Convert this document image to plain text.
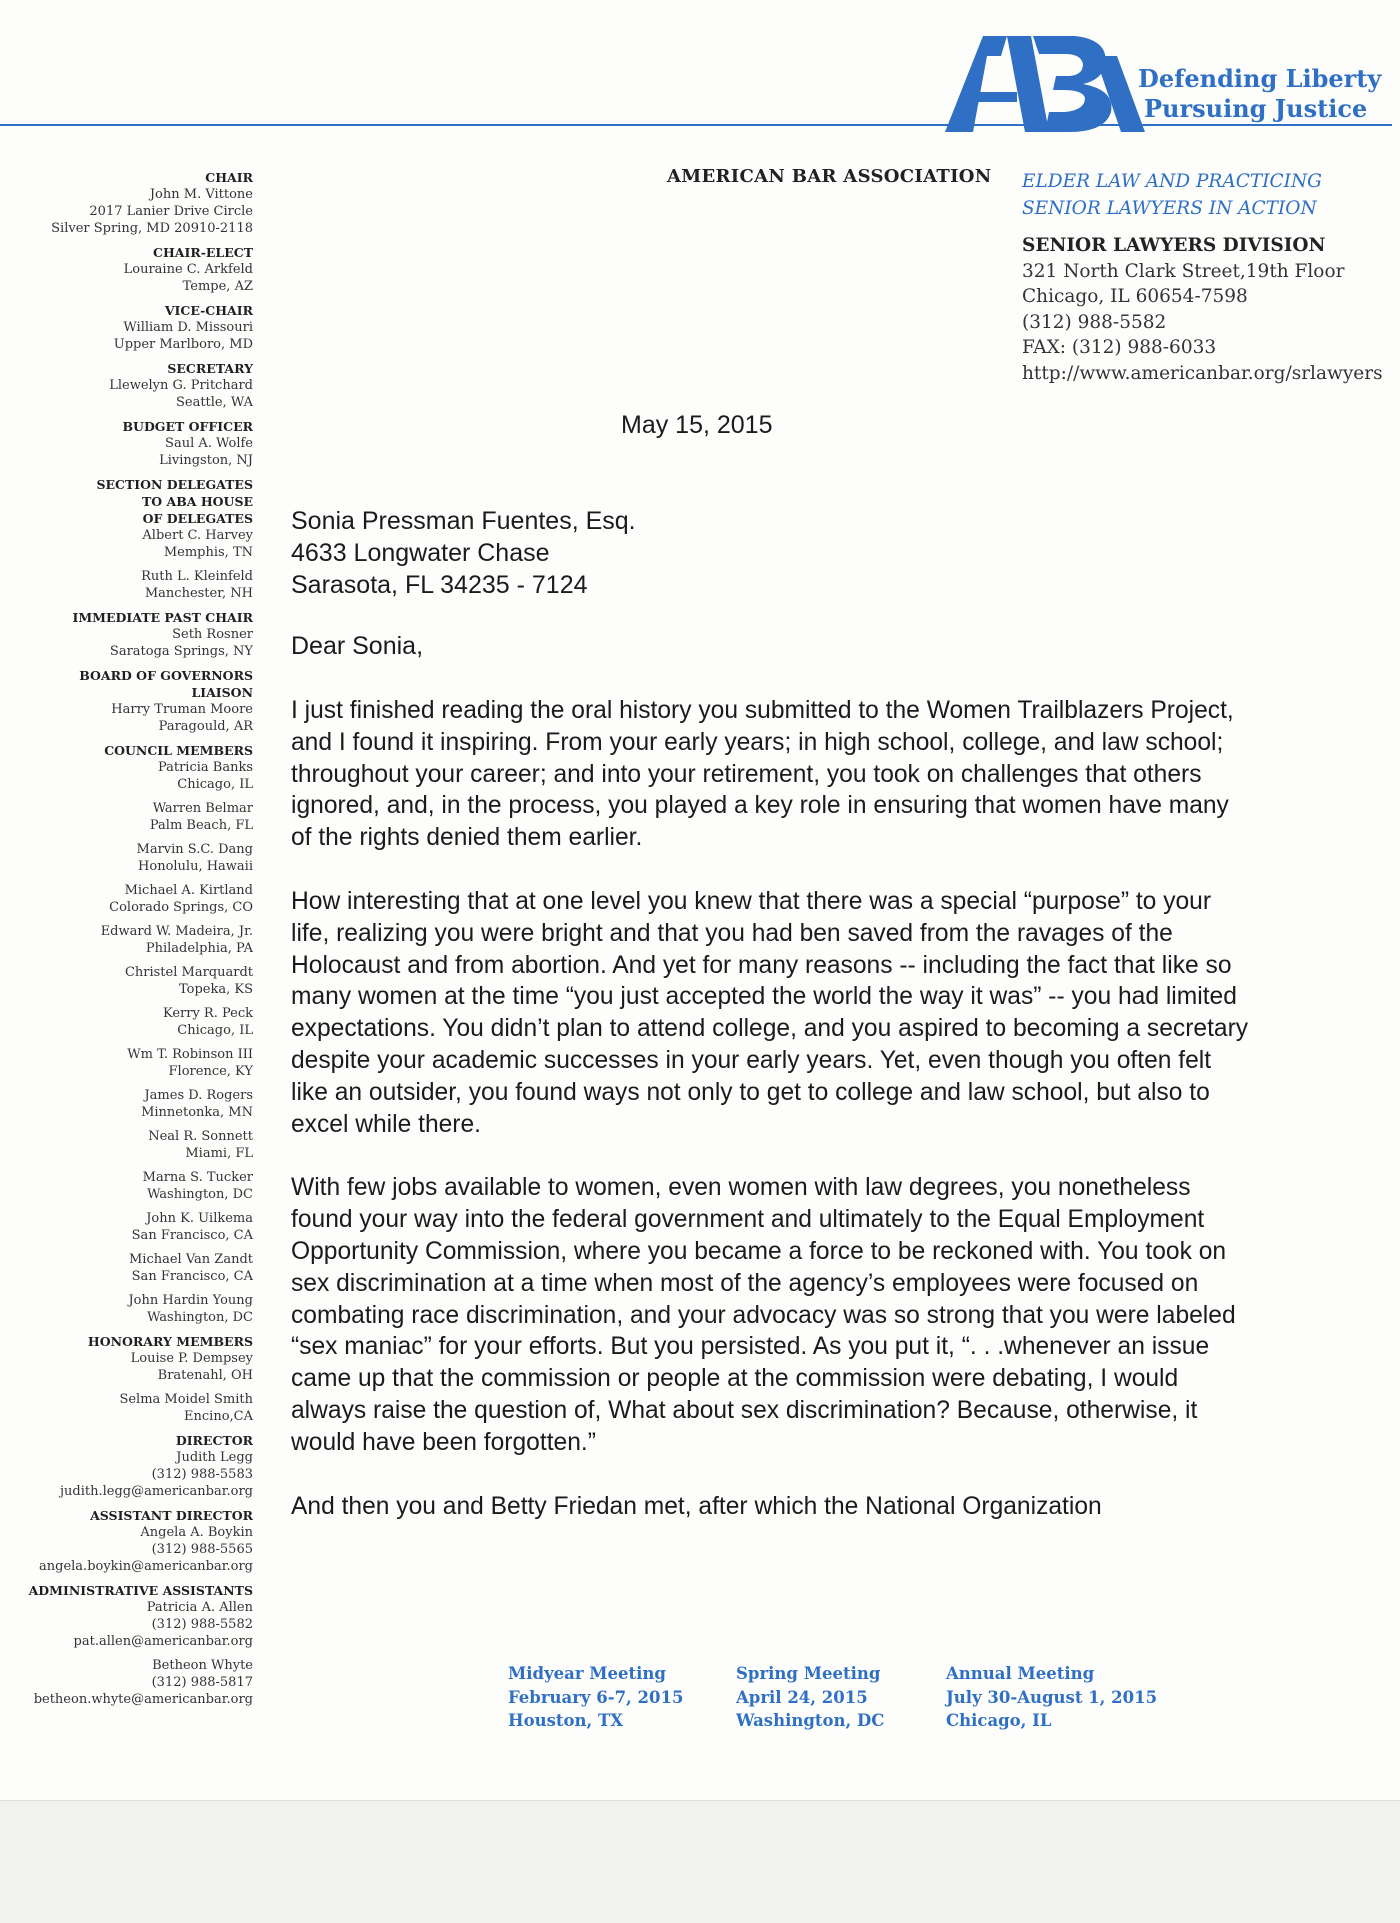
Defending Liberty
Pursuing Justice
CHAIR
John M. Vittone
2017 Lanier Drive Circle
Silver Spring, MD 20910-2118
CHAIR-ELECT
Louraine C. Arkfeld
Tempe, AZ
VICE-CHAIR
William D. Missouri
Upper Marlboro, MD
SECRETARY
Llewelyn G. Pritchard
Seattle, WA
BUDGET OFFICER
Saul A. Wolfe
Livingston, NJ
SECTION DELEGATES
TO ABA HOUSE
OF DELEGATES
Albert C. Harvey
Memphis, TN
Ruth L. Kleinfeld
Manchester, NH
IMMEDIATE PAST CHAIR
Seth Rosner
Saratoga Springs, NY
BOARD OF GOVERNORS
LIAISON
Harry Truman Moore
Paragould, AR
COUNCIL MEMBERS
Patricia Banks
Chicago, IL
Warren Belmar
Palm Beach, FL
Marvin S.C. Dang
Honolulu, Hawaii
Michael A. Kirtland
Colorado Springs, CO
Edward W. Madeira, Jr.
Philadelphia, PA
Christel Marquardt
Topeka, KS
Kerry R. Peck
Chicago, IL
Wm T. Robinson III
Florence, KY
James D. Rogers
Minnetonka, MN
Neal R. Sonnett
Miami, FL
Marna S. Tucker
Washington, DC
John K. Uilkema
San Francisco, CA
Michael Van Zandt
San Francisco, CA
John Hardin Young
Washington, DC
HONORARY MEMBERS
Louise P. Dempsey
Bratenahl, OH
Selma Moidel Smith
Encino,CA
DIRECTOR
Judith Legg
(312) 988-5583
judith.legg@americanbar.org
ASSISTANT DIRECTOR
Angela A. Boykin
(312) 988-5565
angela.boykin@americanbar.org
ADMINISTRATIVE ASSISTANTS
Patricia A. Allen
(312) 988-5582
pat.allen@americanbar.org
Betheon Whyte
(312) 988-5817
betheon.whyte@americanbar.org
AMERICAN BAR ASSOCIATION ELDER LAW AND PRACTICING
SENIOR LAWYERS IN ACTION
SENIOR LAWYERS DIVISION
321 North Clark Street,19th Floor
Chicago, IL 60654-7598
(312) 988-5582
FAX: (312) 988-6033
http://www.americanbar.org/srlawyers
May 15, 2015
Sonia Pressman Fuentes, Esq.
4633 Longwater Chase
Sarasota, FL 34235 - 7124
Dear Sonia,

I just finished reading the oral history you submitted to the Women Trailblazers Project, and I found it inspiring. From your early years; in high school, college, and law school; throughout your career; and into your retirement, you took on challenges that others ignored, and, in the process, you played a key role in ensuring that women have many of the rights denied them earlier.

How interesting that at one level you knew that there was a special “purpose” to your life, realizing you were bright and that you had ben saved from the ravages of the Holocaust and from abortion. And yet for many reasons -- including the fact that like so many women at the time “you just accepted the world the way it was” -- you had limited expectations. You didn’t plan to attend college, and you aspired to becoming a secretary despite your academic successes in your early years. Yet, even though you often felt like an outsider, you found ways not only to get to college and law school, but also to excel while there.

With few jobs available to women, even women with law degrees, you nonetheless found your way into the federal government and ultimately to the Equal Employment Opportunity Commission, where you became a force to be reckoned with. You took on sex discrimination at a time when most of the agency’s employees were focused on combating race discrimination, and your advocacy was so strong that you were labeled “sex maniac” for your efforts. But you persisted. As you put it, “. . .whenever an issue came up that the commission or people at the commission were debating, I would always raise the question of, What about sex discrimination? Because, otherwise, it would have been forgotten.”

And then you and Betty Friedan met, after which the National Organization

Midyear Meeting
February 6-7, 2015
Houston, TX
Spring Meeting
April 24, 2015
Washington, DC
Annual Meeting
July 30-August 1, 2015
Chicago, IL
